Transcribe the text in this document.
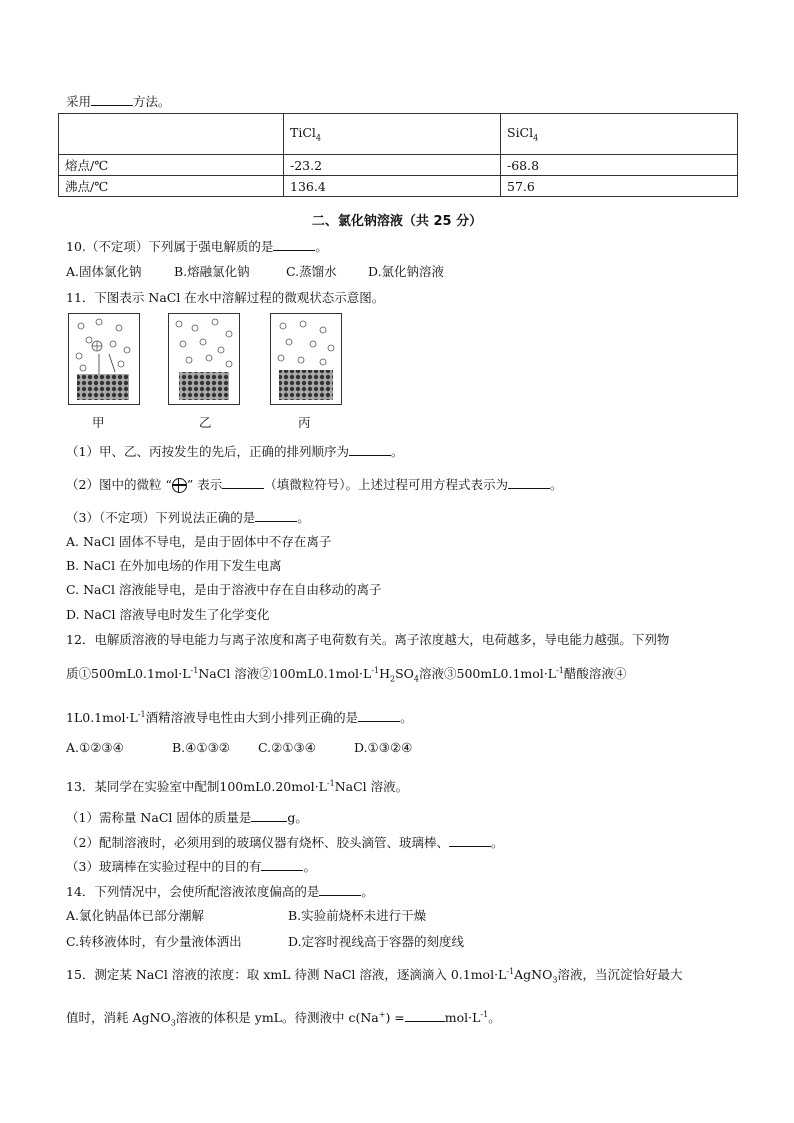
采用	方法。
	TiCl$_4$	SiCl$_4$
熔点/℃	-23.2	-68.8
沸点/℃	136.4	57.6
二、氯化钠溶液（共 25 分）
10.（不定项）下列属于强电解质的是	。
A.固体氯化钠	B.熔融氯化钠	C.蒸馏水	D.氯化钠溶液
11．下图表示 NaCl 在水中溶解过程的微观状态示意图。
甲	乙	丙
（1）甲、乙、丙按发生的先后，正确的排列顺序为	。
（2）图中的微粒 “ ” 表示	（填微粒符号）。上述过程可用方程式表示为	。
（3）（不定项）下列说法正确的是	。
A. NaCl 固体不导电，是由于固体中不存在离子
B. NaCl 在外加电场的作用下发生电离
C. NaCl 溶液能导电，是由于溶液中存在自由移动的离子
D. NaCl 溶液导电时发生了化学变化
12．电解质溶液的导电能力与离子浓度和离子电荷数有关。离子浓度越大，电荷越多，导电能力越强。下列物
质$①500mL0.1mol\cdot L^{-1}NaCl$ 溶液$②100mL0.1mol\cdot L^{-1}H_2SO_4$溶液$③500mL0.1mol\cdot L^{-1}$醋酸溶液④
$1L0.1mol\cdot L^{-1}$酒精溶液导电性由大到小排列正确的是	。
A.①②③④	B.④①③② C.②①③④	D.①③②④
13．某同学在实验室中配制$100mL0.20mol\cdot L^{-1}NaCl$ 溶液。
（1）需称量 NaCl 固体的质量是	g。
（2）配制溶液时，必须用到的玻璃仪器有烧杯、胶头滴管、玻璃棒、	。
（3）玻璃棒在实验过程中的目的有	。
14．下列情况中，会使所配溶液浓度偏高的是	。
A.氯化钠晶体已部分潮解	B.实验前烧杯未进行干燥
C.转移液体时，有少量液体洒出	D.定容时视线高于容器的刻度线
15．测定某 NaCl 溶液的浓度：取 xmL 待测 NaCl 溶液，逐滴滴入 $0.1mol\cdot L^{-1}AgNO_3$溶液，当沉淀恰好最大
值时，消耗 AgNO$_3$溶液的体积是 ymL。待测液中 c(Na+) =	$mol\cdot L^{-1}$。
